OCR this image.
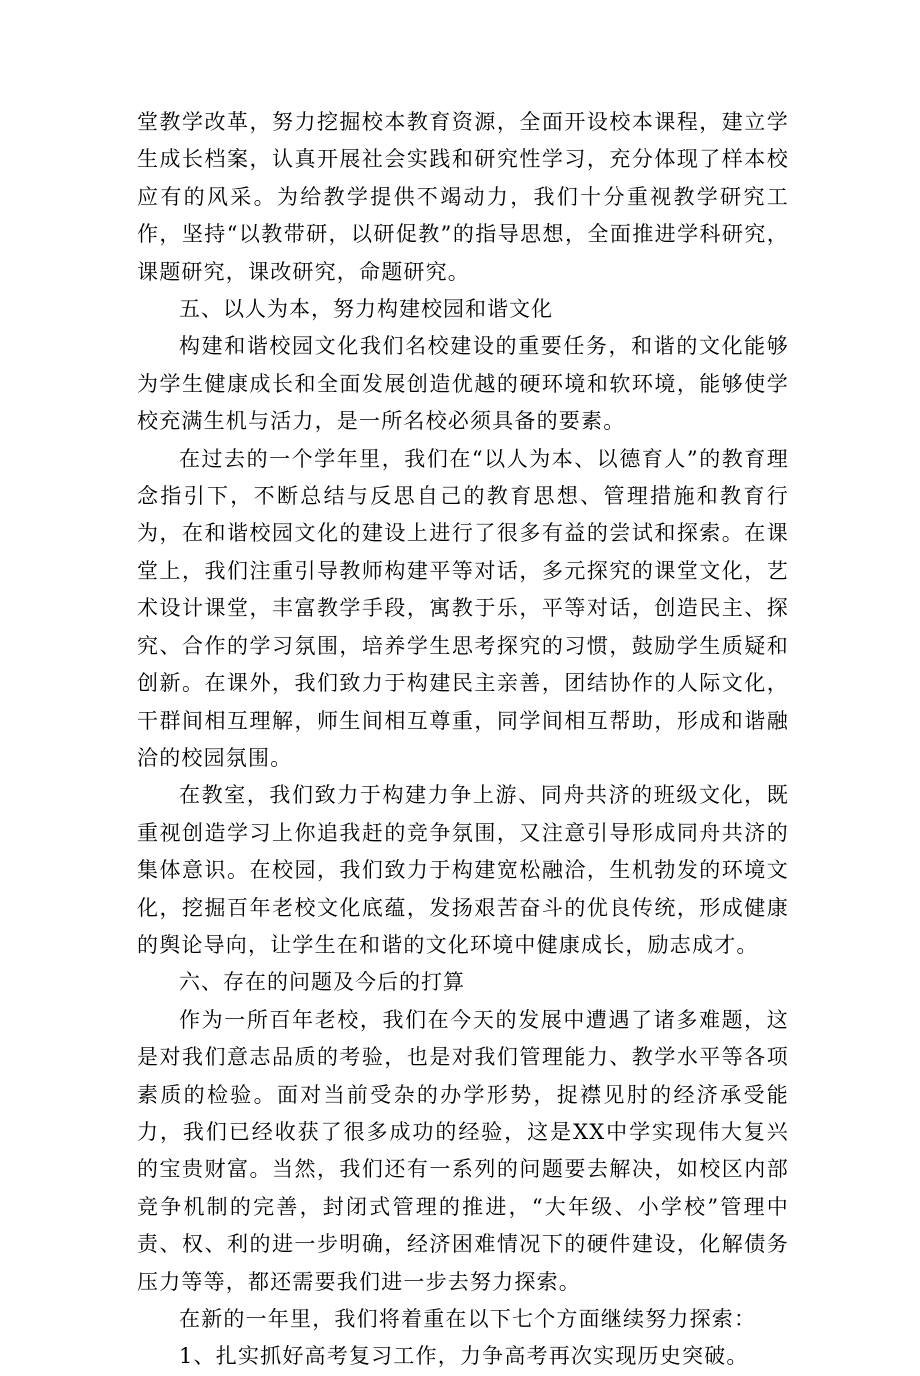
堂教学改革，努力挖掘校本教育资源，全面开设校本课程，建立学生成长档案，认真开展社会实践和研究性学习，充分体现了样本校应有的风采。为给教学提供不竭动力，我们十分重视教学研究工作，坚持“以教带研，以研促教”的指导思想，全面推进学科研究，课题研究，课改研究，命题研究。

五、以人为本，努力构建校园和谐文化

构建和谐校园文化我们名校建设的重要任务，和谐的文化能够为学生健康成长和全面发展创造优越的硬环境和软环境，能够使学校充满生机与活力，是一所名校必须具备的要素。

在过去的一个学年里，我们在“以人为本、以德育人”的教育理念指引下，不断总结与反思自己的教育思想、管理措施和教育行为，在和谐校园文化的建设上进行了很多有益的尝试和探索。在课堂上，我们注重引导教师构建平等对话，多元探究的课堂文化，艺术设计课堂，丰富教学手段，寓教于乐，平等对话，创造民主、探究、合作的学习氛围，培养学生思考探究的习惯，鼓励学生质疑和创新。在课外，我们致力于构建民主亲善，团结协作的人际文化，干群间相互理解，师生间相互尊重，同学间相互帮助，形成和谐融洽的校园氛围。

在教室，我们致力于构建力争上游、同舟共济的班级文化，既重视创造学习上你追我赶的竞争氛围，又注意引导形成同舟共济的集体意识。在校园，我们致力于构建宽松融洽，生机勃发的环境文化，挖掘百年老校文化底蕴，发扬艰苦奋斗的优良传统，形成健康的舆论导向，让学生在和谐的文化环境中健康成长，励志成才。

六、存在的问题及今后的打算

作为一所百年老校，我们在今天的发展中遭遇了诸多难题，这是对我们意志品质的考验，也是对我们管理能力、教学水平等各项素质的检验。面对当前受杂的办学形势，捉襟见肘的经济承受能力，我们已经收获了很多成功的经验，这是XX中学实现伟大复兴的宝贵财富。当然，我们还有一系列的问题要去解决，如校区内部竞争机制的完善，封闭式管理的推进，“大年级、小学校”管理中责、权、利的进一步明确，经济困难情况下的硬件建设，化解债务压力等等，都还需要我们进一步去努力探索。

在新的一年里，我们将着重在以下七个方面继续努力探索：

1、扎实抓好高考复习工作，力争高考再次实现历史突破。
